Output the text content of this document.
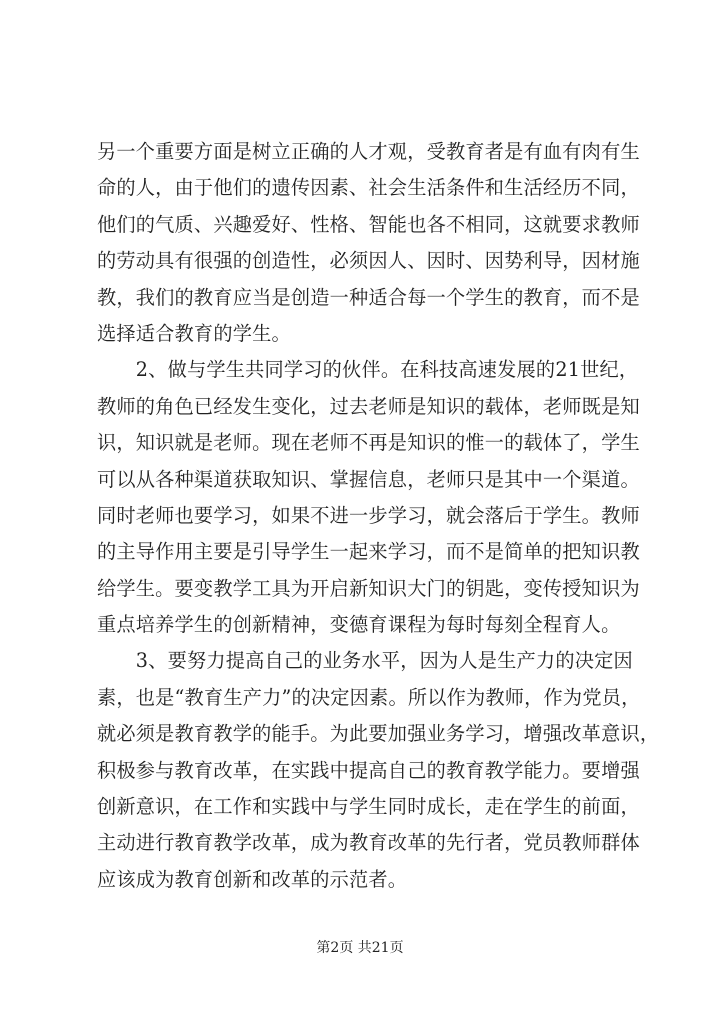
另一个重要方面是树立正确的人才观，受教育者是有血有肉有生
命的人，由于他们的遗传因素、社会生活条件和生活经历不同，
他们的气质、兴趣爱好、性格、智能也各不相同，这就要求教师
的劳动具有很强的创造性，必须因人、因时、因势利导，因材施
教，我们的教育应当是创造一种适合每一个学生的教育，而不是
选择适合教育的学生。
　　2、做与学生共同学习的伙伴。在科技高速发展的21世纪，
教师的角色已经发生变化，过去老师是知识的载体，老师既是知
识，知识就是老师。现在老师不再是知识的惟一的载体了，学生
可以从各种渠道获取知识、掌握信息，老师只是其中一个渠道。
同时老师也要学习，如果不进一步学习，就会落后于学生。教师
的主导作用主要是引导学生一起来学习，而不是简单的把知识教
给学生。要变教学工具为开启新知识大门的钥匙，变传授知识为
重点培养学生的创新精神，变德育课程为每时每刻全程育人。
　　3、要努力提高自己的业务水平，因为人是生产力的决定因
素，也是“教育生产力”的决定因素。所以作为教师，作为党员，
就必须是教育教学的能手。为此要加强业务学习，增强改革意识，
积极参与教育改革，在实践中提高自己的教育教学能力。要增强
创新意识，在工作和实践中与学生同时成长，走在学生的前面，
主动进行教育教学改革，成为教育改革的先行者，党员教师群体
应该成为教育创新和改革的示范者。
第2页 共21页
